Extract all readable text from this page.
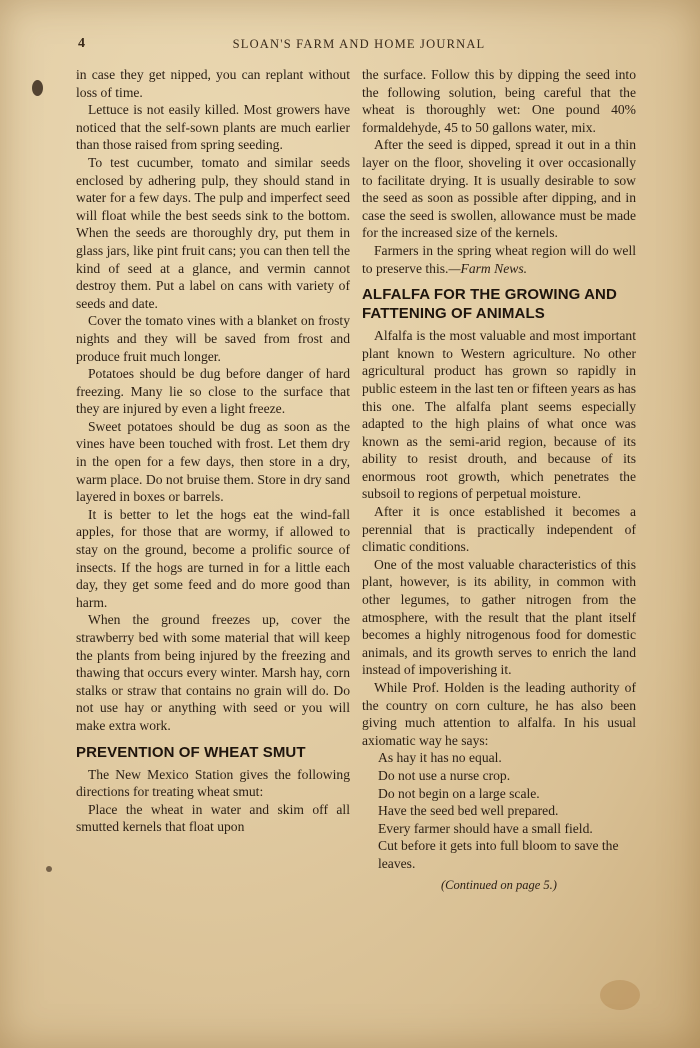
4	SLOAN'S FARM AND HOME JOURNAL

in case they get nipped, you can replant without loss of time.

Lettuce is not easily killed. Most growers have noticed that the self-sown plants are much earlier than those raised from spring seeding.

To test cucumber, tomato and similar seeds enclosed by adhering pulp, they should stand in water for a few days. The pulp and imperfect seed will float while the best seeds sink to the bottom. When the seeds are thoroughly dry, put them in glass jars, like pint fruit cans; you can then tell the kind of seed at a glance, and vermin cannot destroy them. Put a label on cans with variety of seeds and date.

Cover the tomato vines with a blanket on frosty nights and they will be saved from frost and produce fruit much longer.

Potatoes should be dug before danger of hard freezing. Many lie so close to the surface that they are injured by even a light freeze.

Sweet potatoes should be dug as soon as the vines have been touched with frost. Let them dry in the open for a few days, then store in a dry, warm place. Do not bruise them. Store in dry sand layered in boxes or barrels.

It is better to let the hogs eat the wind-fall apples, for those that are wormy, if allowed to stay on the ground, become a prolific source of insects. If the hogs are turned in for a little each day, they get some feed and do more good than harm.

When the ground freezes up, cover the strawberry bed with some material that will keep the plants from being injured by the freezing and thawing that occurs every winter. Marsh hay, corn stalks or straw that contains no grain will do. Do not use hay or anything with seed or you will make extra work.

PREVENTION OF WHEAT SMUT

The New Mexico Station gives the following directions for treating wheat smut:

Place the wheat in water and skim off all smutted kernels that float upon

the surface. Follow this by dipping the seed into the following solution, being careful that the wheat is thoroughly wet: One pound 40% formaldehyde, 45 to 50 gallons water, mix.

After the seed is dipped, spread it out in a thin layer on the floor, shoveling it over occasionally to facilitate drying. It is usually desirable to sow the seed as soon as possible after dipping, and in case the seed is swollen, allowance must be made for the increased size of the kernels.

Farmers in the spring wheat region will do well to preserve this.—Farm News.

ALFALFA FOR THE GROWING AND FATTENING OF ANIMALS

Alfalfa is the most valuable and most important plant known to Western agriculture. No other agricultural product has grown so rapidly in public esteem in the last ten or fifteen years as has this one. The alfalfa plant seems especially adapted to the high plains of what once was known as the semi-arid region, because of its ability to resist drouth, and because of its enormous root growth, which penetrates the subsoil to regions of perpetual moisture.

After it is once established it becomes a perennial that is practically independent of climatic conditions.

One of the most valuable characteristics of this plant, however, is its ability, in common with other legumes, to gather nitrogen from the atmosphere, with the result that the plant itself becomes a highly nitrogenous food for domestic animals, and its growth serves to enrich the land instead of impoverishing it.

While Prof. Holden is the leading authority of the country on corn culture, he has also been giving much attention to alfalfa. In his usual axiomatic way he says:

As hay it has no equal.

Do not use a nurse crop.

Do not begin on a large scale.

Have the seed bed well prepared.

Every farmer should have a small field.

Cut before it gets into full bloom to save the leaves.

(Continued on page 5.)
